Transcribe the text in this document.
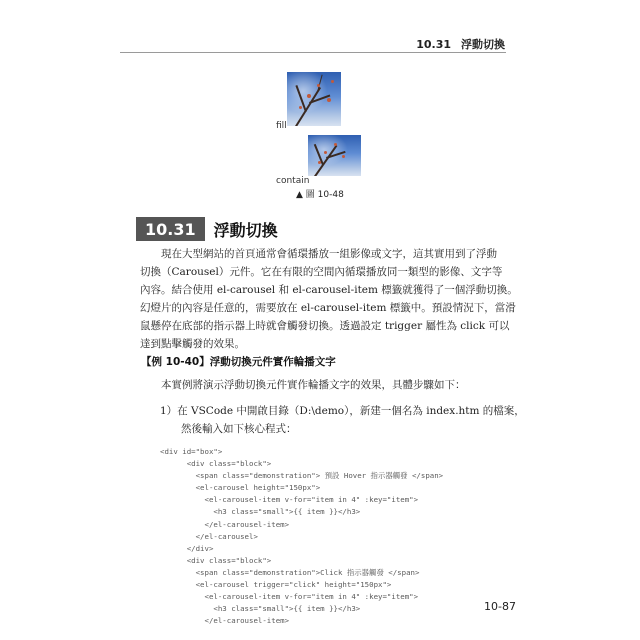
10.31 浮動切換
fill
contain
▲ 圖 10-48
10.31	浮動切換
現在大型網站的首頁通常會循環播放一組影像或文字，這其實用到了浮動
切換（Carousel）元件。它在有限的空間內循環播放同一類型的影像、文字等
內容。結合使用 el-carousel 和 el-carousel-item 標籤就獲得了一個浮動切換。
幻燈片的內容是任意的，需要放在 el-carousel-item 標籤中。預設情況下，當滑
鼠懸停在底部的指示器上時就會觸發切換。透過設定 trigger 屬性為 click 可以
達到點擊觸發的效果。
【例 10-40】浮動切換元件實作輪播文字
本實例將演示浮動切換元件實作輪播文字的效果，具體步驟如下：
1）在 VSCode 中開啟目錄（D:\demo），新建一個名為 index.htm 的檔案，
然後輸入如下核心程式：
<div id="box">
<div class="block">
<span class="demonstration"> 預設 Hover 指示器觸發 </span>
<el-carousel height="150px">
<el-carousel-item v-for="item in 4" :key="item">
<h3 class="small">{{ item }}</h3>
</el-carousel-item>
</el-carousel>
</div>
<div class="block">
<span class="demonstration">Click 指示器觸發 </span>
<el-carousel trigger="click" height="150px">
<el-carousel-item v-for="item in 4" :key="item">
<h3 class="small">{{ item }}</h3>
</el-carousel-item>
10-87
